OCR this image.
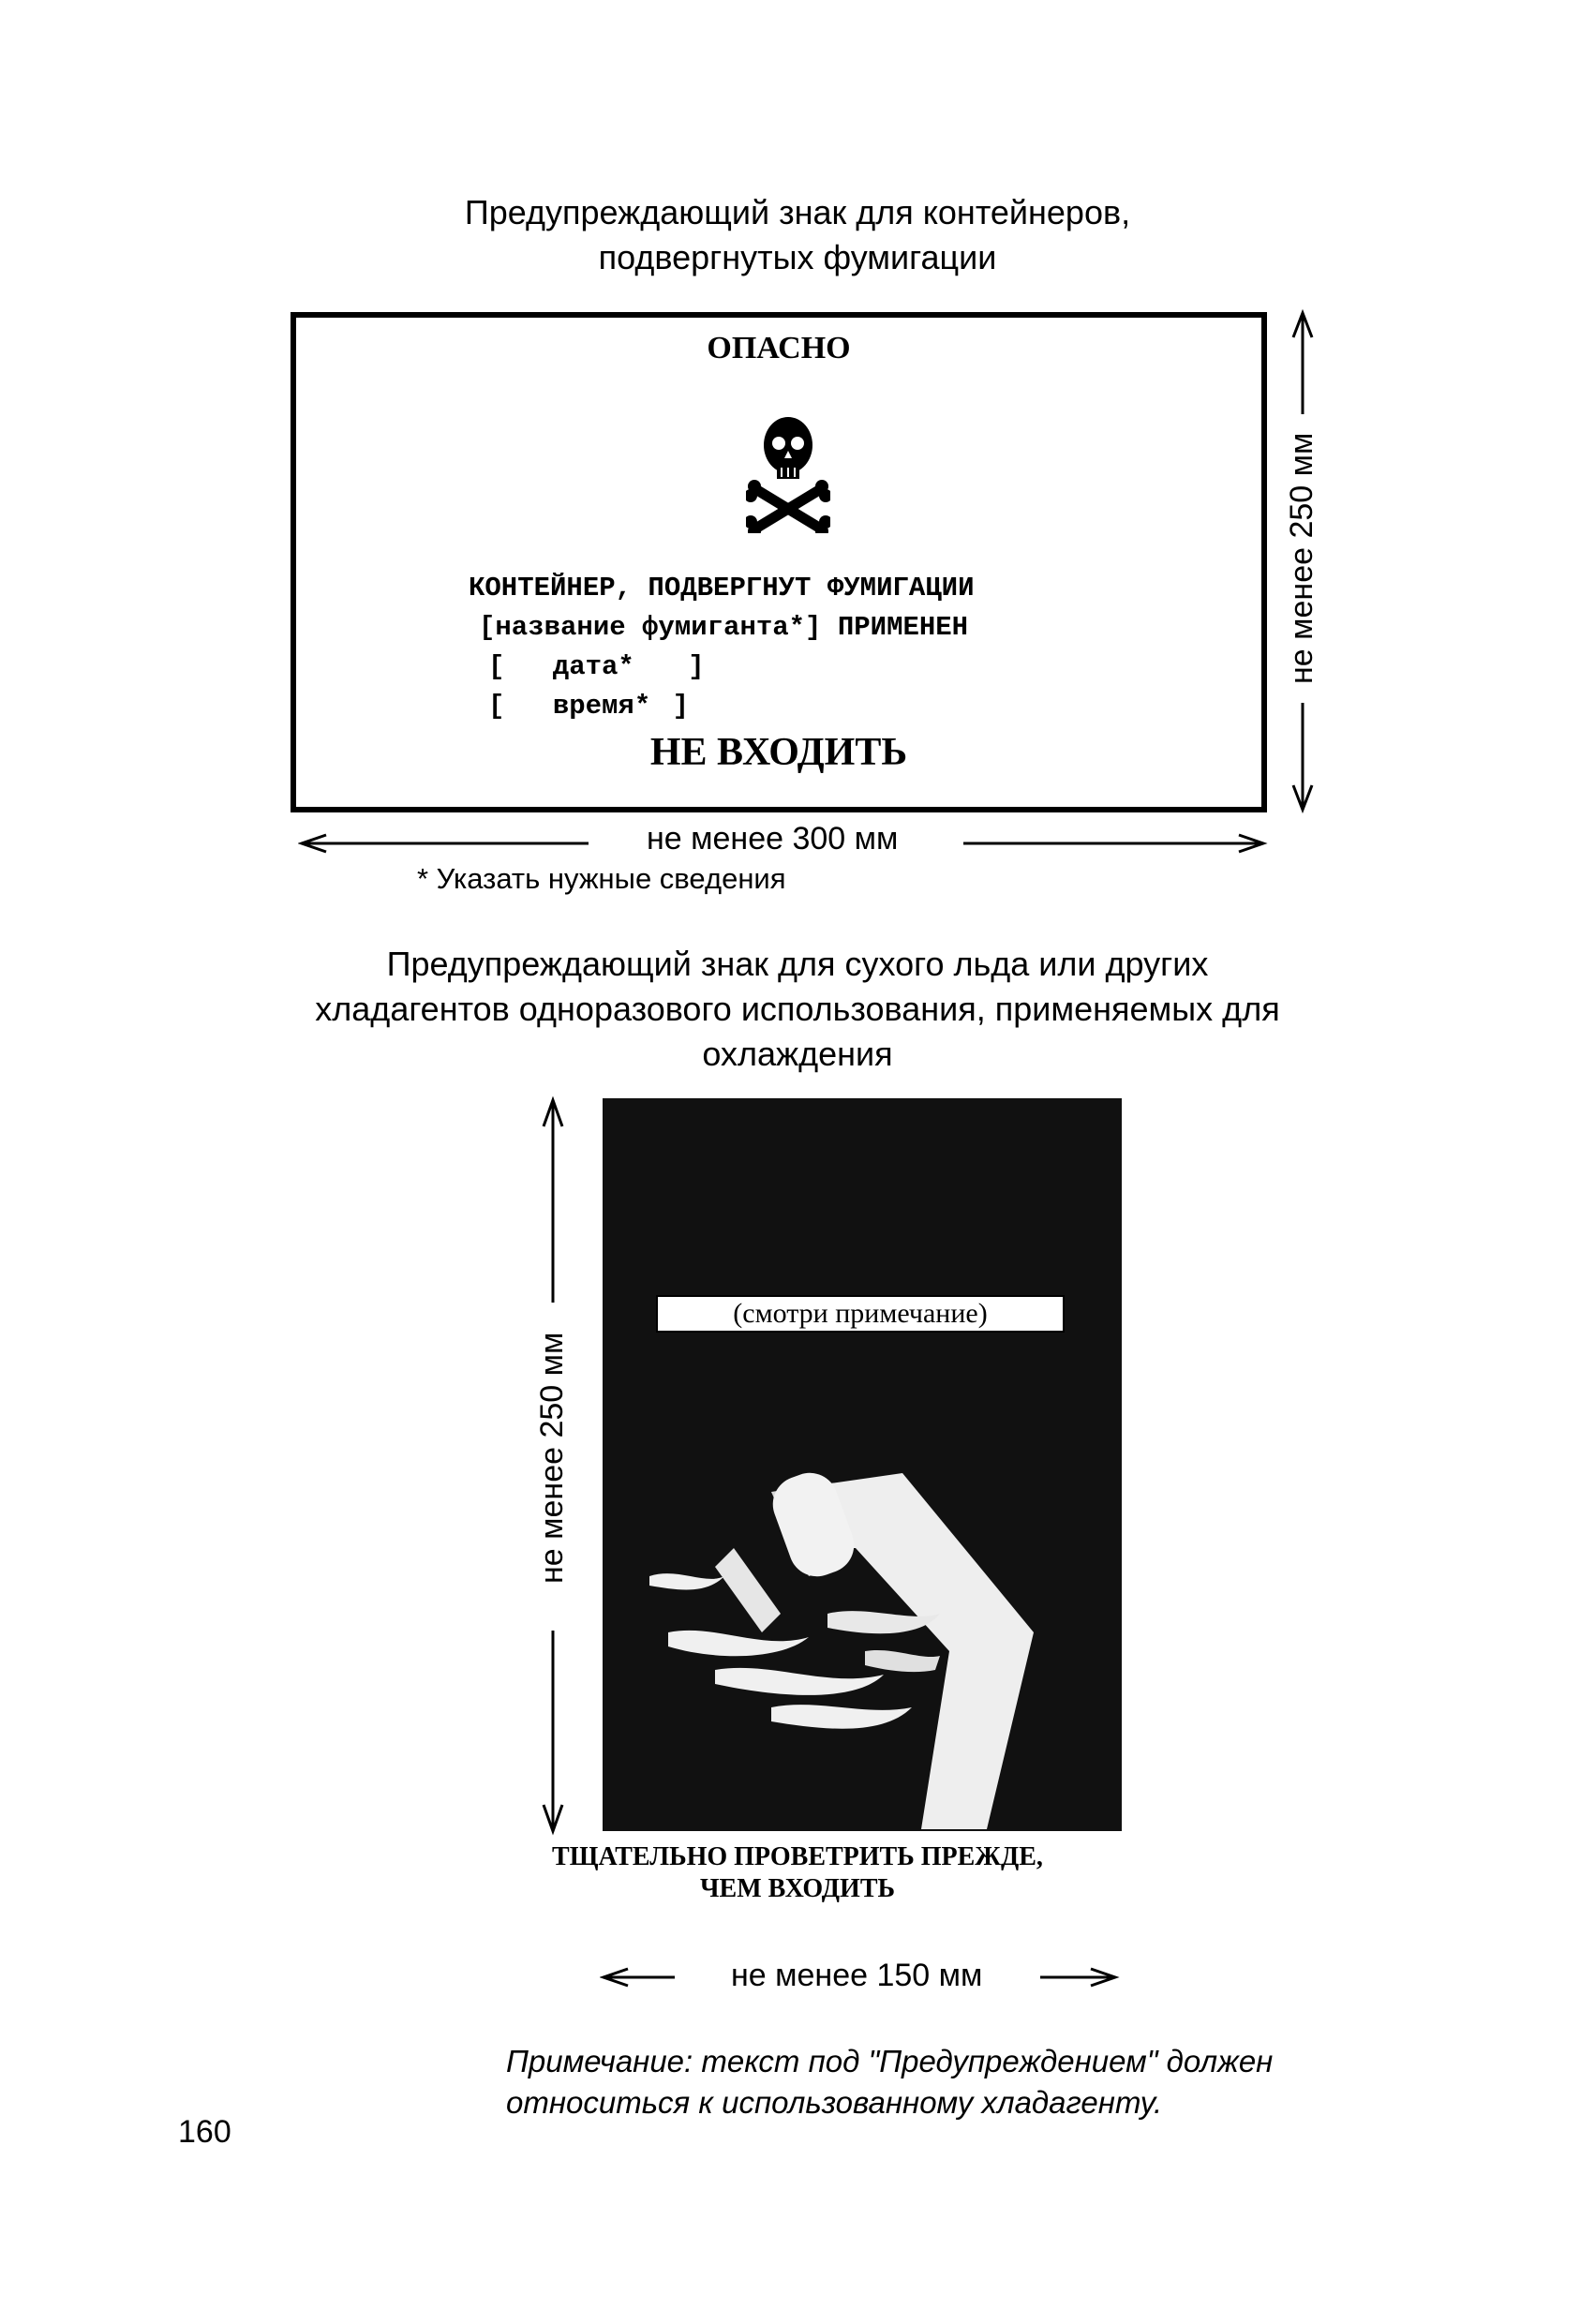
Предупреждающий знак для контейнеров,
подвергнутых фумигации
ОПАСНО
КОНТЕЙНЕР, ПОДВЕРГНУТ ФУМИГАЦИИ
[название фумиганта*] ПРИМЕНЕН
[ дата* ]
[ время* ]
НЕ ВХОДИТЬ
не менее 250 мм
не менее 300 мм
* Указать нужные сведения
Предупреждающий знак для сухого льда или других
хладагентов одноразового использования, применяемых для
охлаждения
(смотри примечание)
не менее 250 мм
ТЩАТЕЛЬНО ПРОВЕТРИТЬ ПРЕЖДЕ,
ЧЕМ ВХОДИТЬ
не менее 150 мм
Примечание: текст под "Предупреждением" должен
относиться к использованному хладагенту.
160
